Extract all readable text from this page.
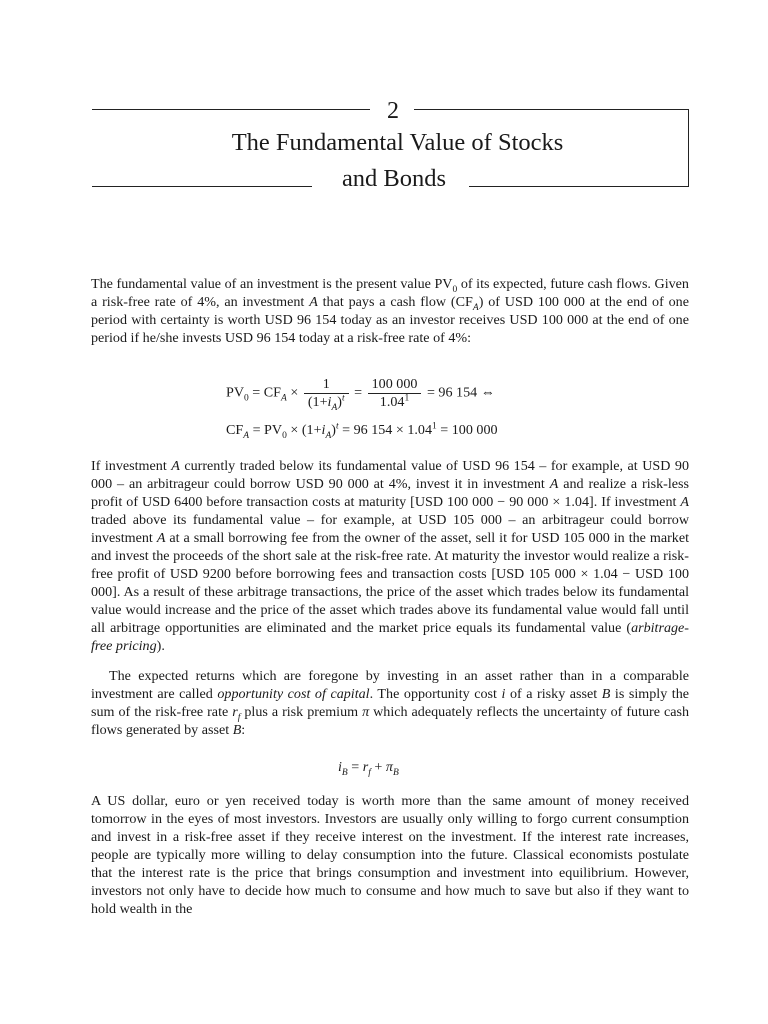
2
The Fundamental Value of Stocks
and Bonds
The fundamental value of an investment is the present value $PV_0$ of its expected, future cash flows. Given a risk-free rate of 4%, an investment A that pays a cash flow $(CF_A)$ of USD 100 000 at the end of one period with certainty is worth USD 96 154 today as an investor receives USD 100 000 at the end of one period if he/she invests USD 96 154 today at a risk-free rate of 4%:
$PV_0 = CF_A \times \frac{1}{(1+i_A)^t} = \frac{100 000}{1.04^1} = 96$ 154 ⇔
$CF_A = PV_0 \times (1+i_A)^t = 96$ $154 \times 1.04^1 = 100$ 000
If investment A currently traded below its fundamental value of USD 96 154 – for example, at USD 90 000 – an arbitrageur could borrow USD 90 000 at 4%, invest it in investment A and realize a risk-less profit of USD 6400 before transaction costs at maturity [USD 100 000 − 90 000 × 1.04]. If investment A traded above its fundamental value – for example, at USD 105 000 – an arbitrageur could borrow investment A at a small borrowing fee from the owner of the asset, sell it for USD 105 000 in the market and invest the proceeds of the short sale at the risk-free rate. At maturity the investor would realize a risk-free profit of USD 9200 before borrowing fees and transaction costs [USD 105 000 × 1.04 − USD 100 000]. As a result of these arbitrage transactions, the price of the asset which trades below its fundamental value would increase and the price of the asset which trades above its fundamental value would fall until all arbitrage opportunities are eliminated and the market price equals its fundamental value (arbitrage-free pricing).
The expected returns which are foregone by investing in an asset rather than in a comparable investment are called opportunity cost of capital. The opportunity cost i of a risky asset B is simply the sum of the risk-free rate $r_f$ plus a risk premium π which adequately reflects the uncertainty of future cash flows generated by asset B:
$i_B = r_f + \pi_B$
A US dollar, euro or yen received today is worth more than the same amount of money received tomorrow in the eyes of most investors. Investors are usually only willing to forgo current consumption and invest in a risk-free asset if they receive interest on the investment. If the interest rate increases, people are typically more willing to delay consumption into the future. Classical economists postulate that the interest rate is the price that brings consumption and investment into equilibrium. However, investors not only have to decide how much to consume and how much to save but also if they want to hold wealth in the
